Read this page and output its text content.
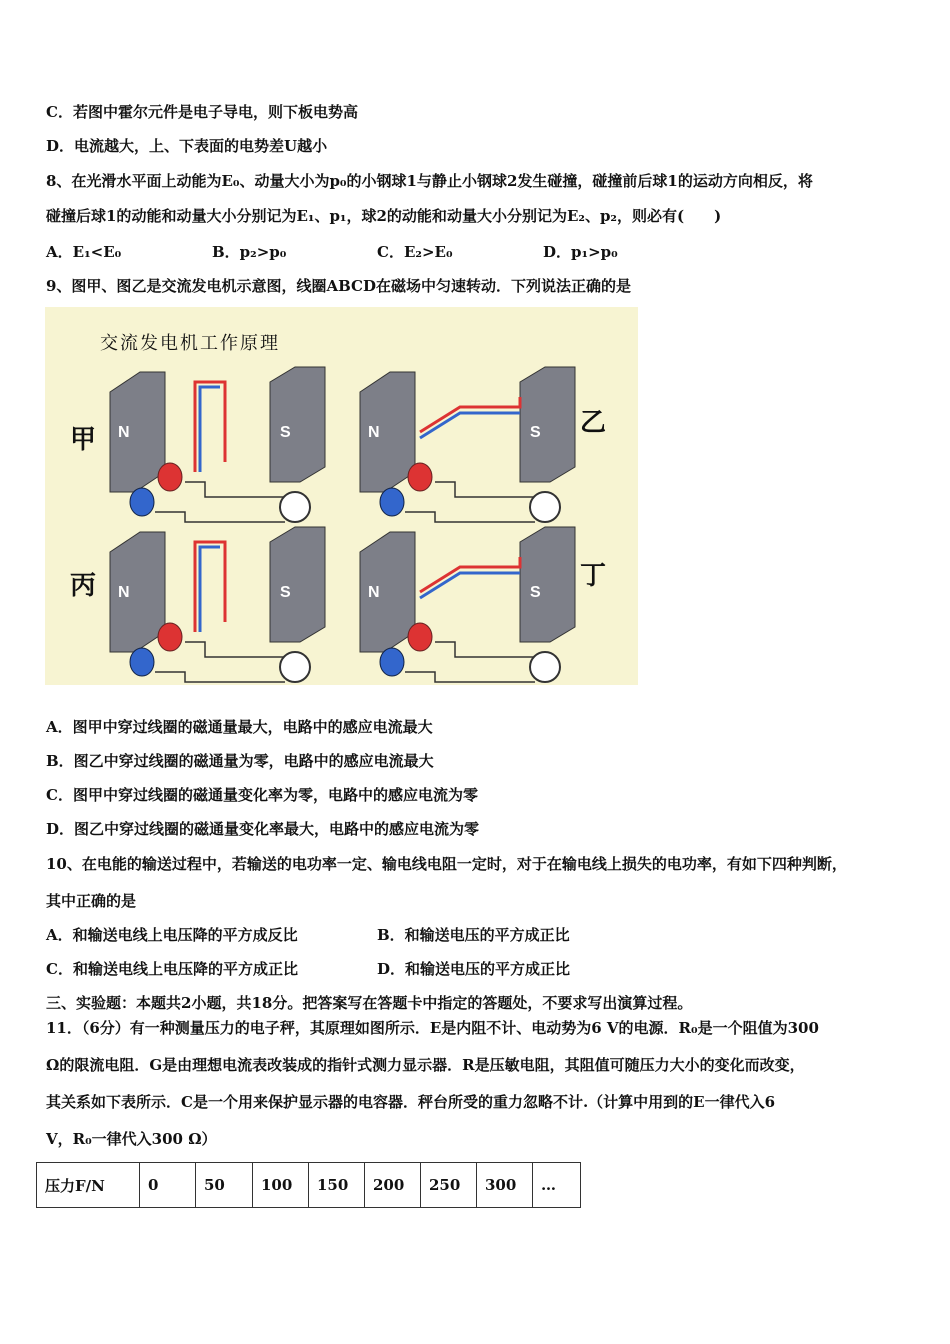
C．若图中霍尔元件是电子导电，则下板电势高
D．电流越大，上、下表面的电势差U越小
8、在光滑水平面上动能为E₀、动量大小为p₀的小钢球1与静止小钢球2发生碰撞，碰撞前后球1的运动方向相反，将
碰撞后球1的动能和动量大小分别记为E₁、p₁，球2的动能和动量大小分别记为E₂、p₂，则必有(　　)
A．E₁<E₀	B．p₂>p₀	C．E₂>E₀	D．p₁>p₀
9、图甲、图乙是交流发电机示意图，线圈ABCD在磁场中匀速转动．下列说法正确的是
N	S	N	S
N	S	N	S
交流发电机工作原理
甲
乙
丙	丁
A．图甲中穿过线圈的磁通量最大，电路中的感应电流最大
B．图乙中穿过线圈的磁通量为零，电路中的感应电流最大
C．图甲中穿过线圈的磁通量变化率为零，电路中的感应电流为零
D．图乙中穿过线圈的磁通量变化率最大，电路中的感应电流为零
10、在电能的输送过程中，若输送的电功率一定、输电线电阻一定时，对于在输电线上损失的电功率，有如下四种判断，
其中正确的是
A．和输送电线上电压降的平方成反比	B．和输送电压的平方成正比
C．和输送电线上电压降的平方成正比	D．和输送电压的平方成正比
三、实验题：本题共2小题，共18分。把答案写在答题卡中指定的答题处，不要求写出演算过程。
11．（6分）有一种测量压力的电子秤，其原理如图所示．E是内阻不计、电动势为6 V的电源．R₀是一个阻值为300
Ω的限流电阻．G是由理想电流表改装成的指针式测力显示器．R是压敏电阻，其阻值可随压力大小的变化而改变，
其关系如下表所示．C是一个用来保护显示器的电容器．秤台所受的重力忽略不计.（计算中用到的E一律代入6
V，R₀一律代入300 Ω）
压力F/N	0	50	100	150	200	250	300	…
